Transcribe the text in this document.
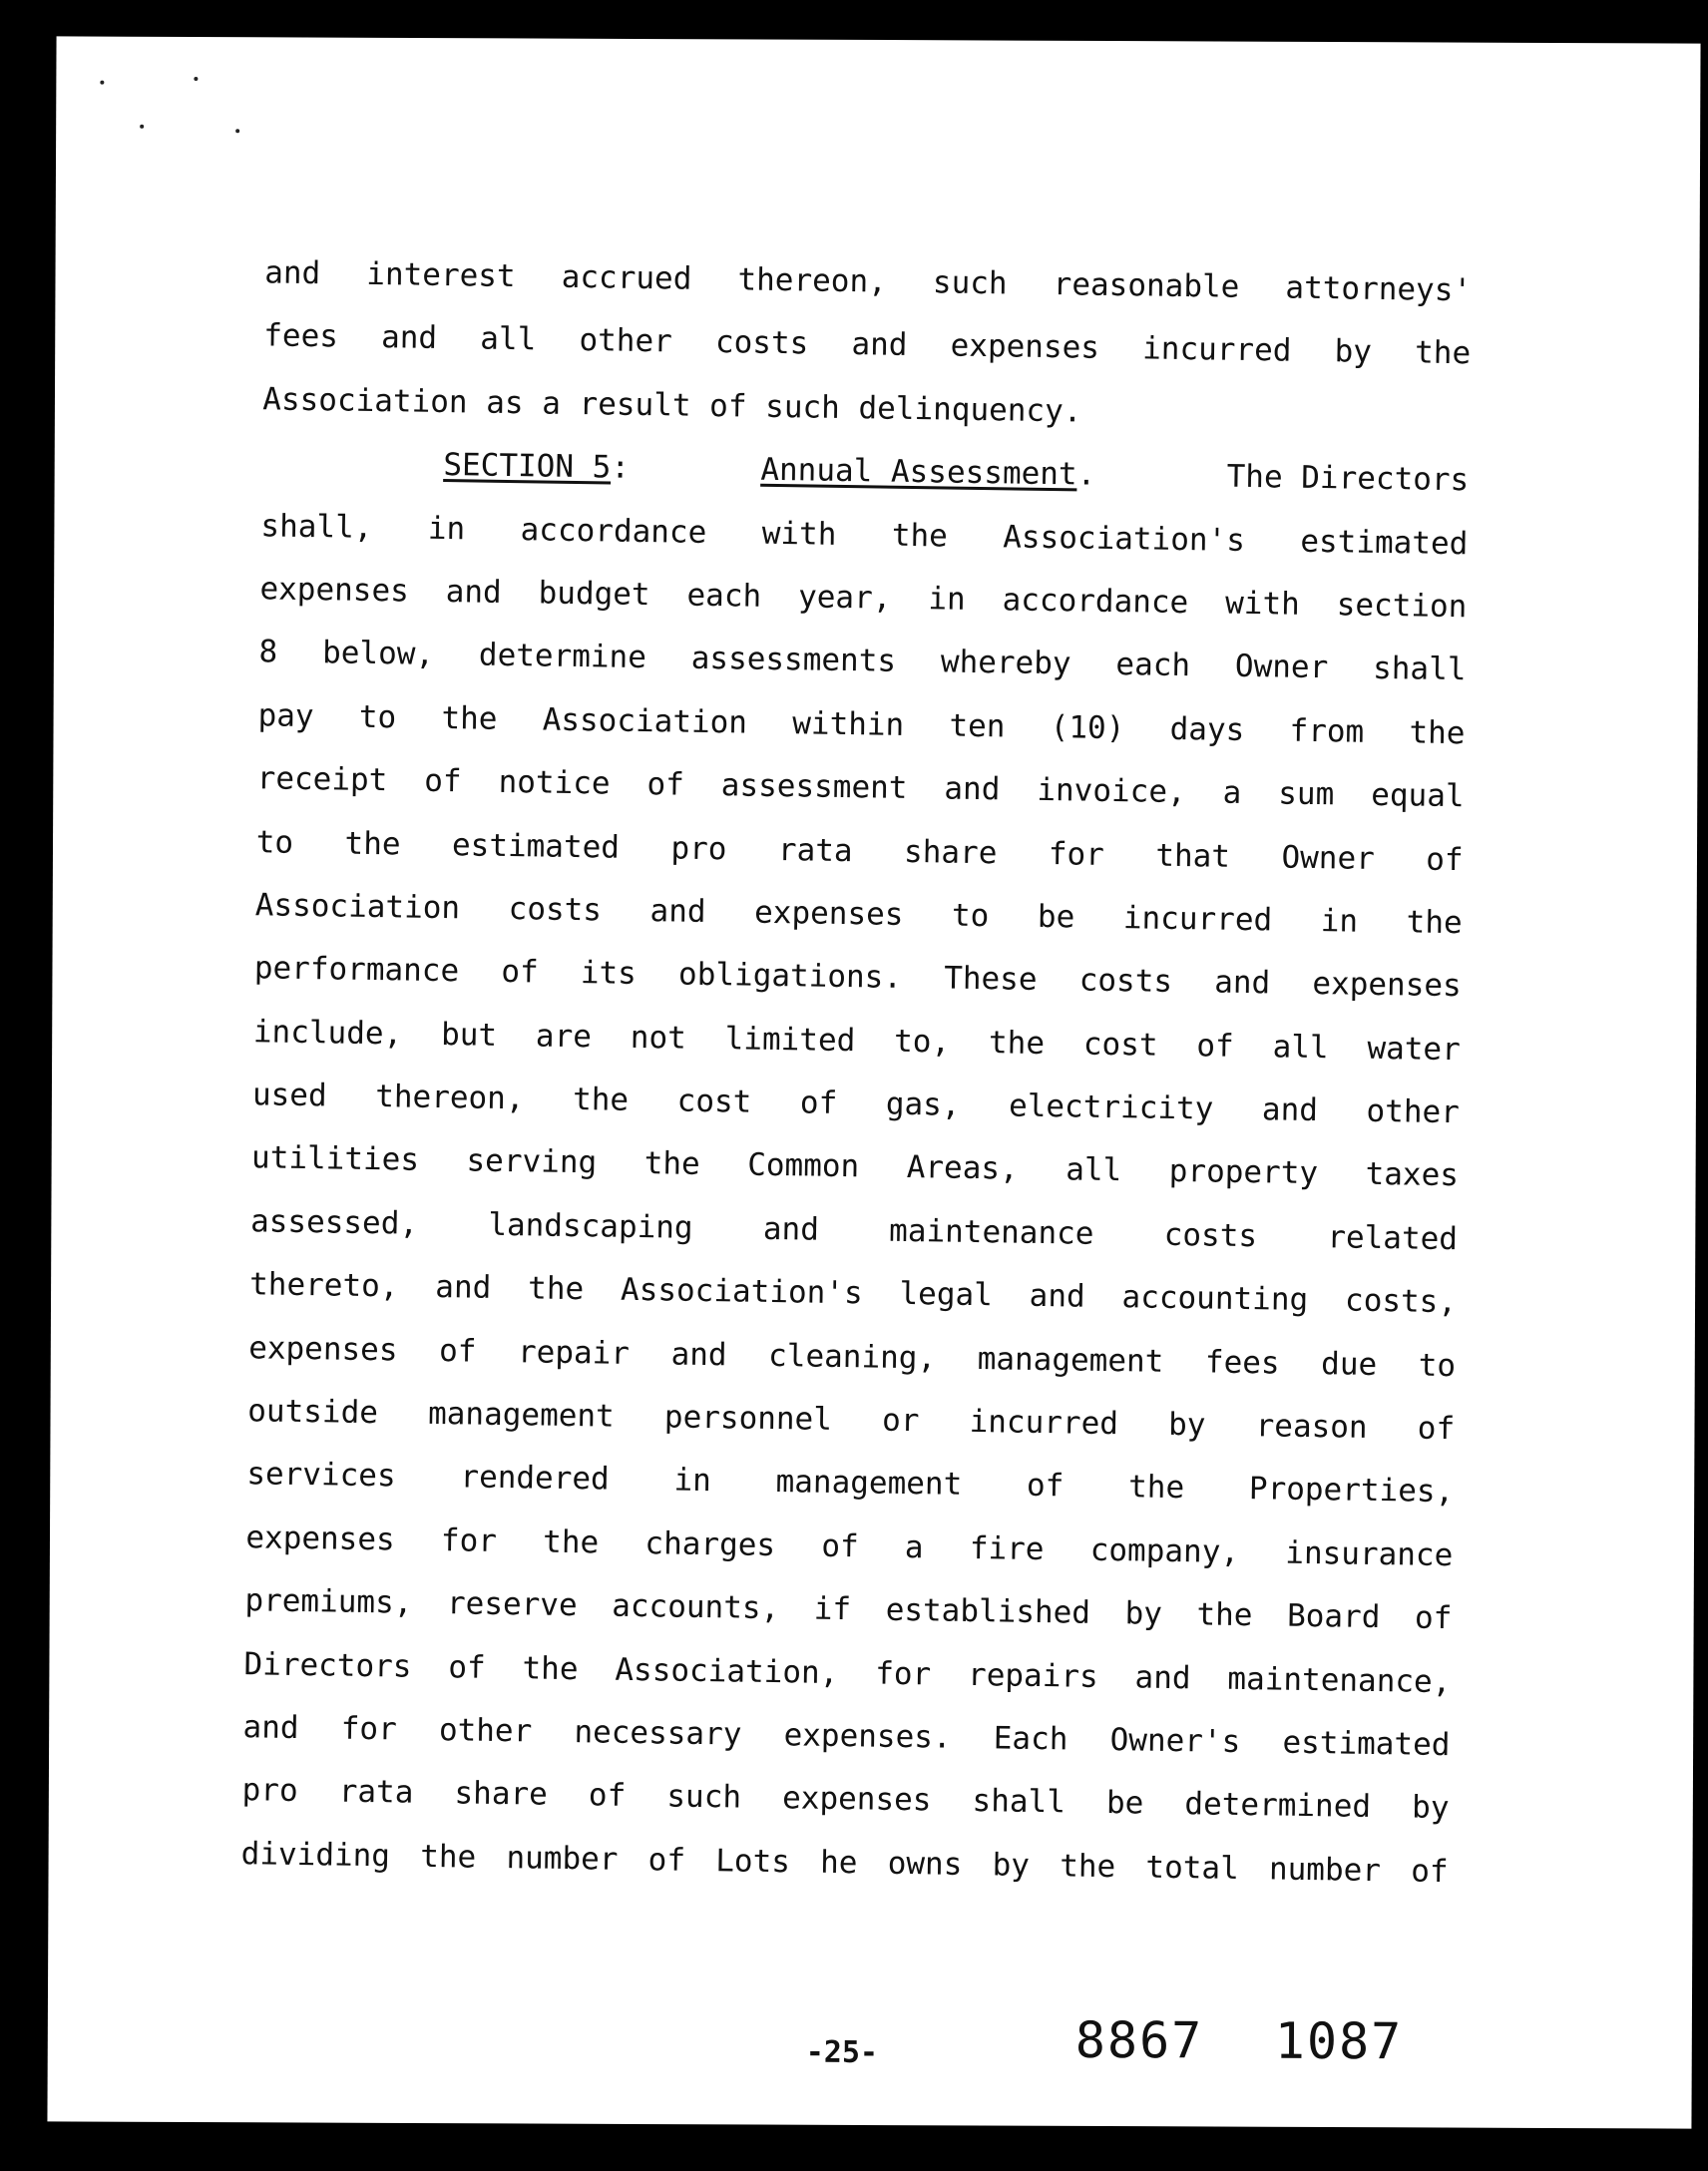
and interest accrued thereon, such reasonable attorneys'
fees and all other costs and expenses incurred by the
Association as a result of such delinquency.
SECTION 5:	Annual Assessment.	The Directors
shall, in accordance with the Association's estimated
expenses and budget each year, in accordance with section
8 below, determine assessments whereby each Owner shall
pay to the Association within ten (10) days from the
receipt of notice of assessment and invoice, a sum equal
to the estimated pro rata share for that Owner of
Association costs and expenses to be incurred in the
performance of its obligations. These costs and expenses
include, but are not limited to, the cost of all water
used thereon, the cost of gas, electricity and other
utilities serving the Common Areas, all property taxes
assessed, landscaping and maintenance costs related
thereto, and the Association's legal and accounting costs,
expenses of repair and cleaning, management fees due to
outside management personnel or incurred by reason of
services rendered in management of the Properties,
expenses for the charges of a fire company, insurance
premiums, reserve accounts, if established by the Board of
Directors of the Association, for repairs and maintenance,
and for other necessary expenses. Each Owner's estimated
pro rata share of such expenses shall be determined by
dividing the number of Lots he owns by the total number of
-25-	8867 1087
